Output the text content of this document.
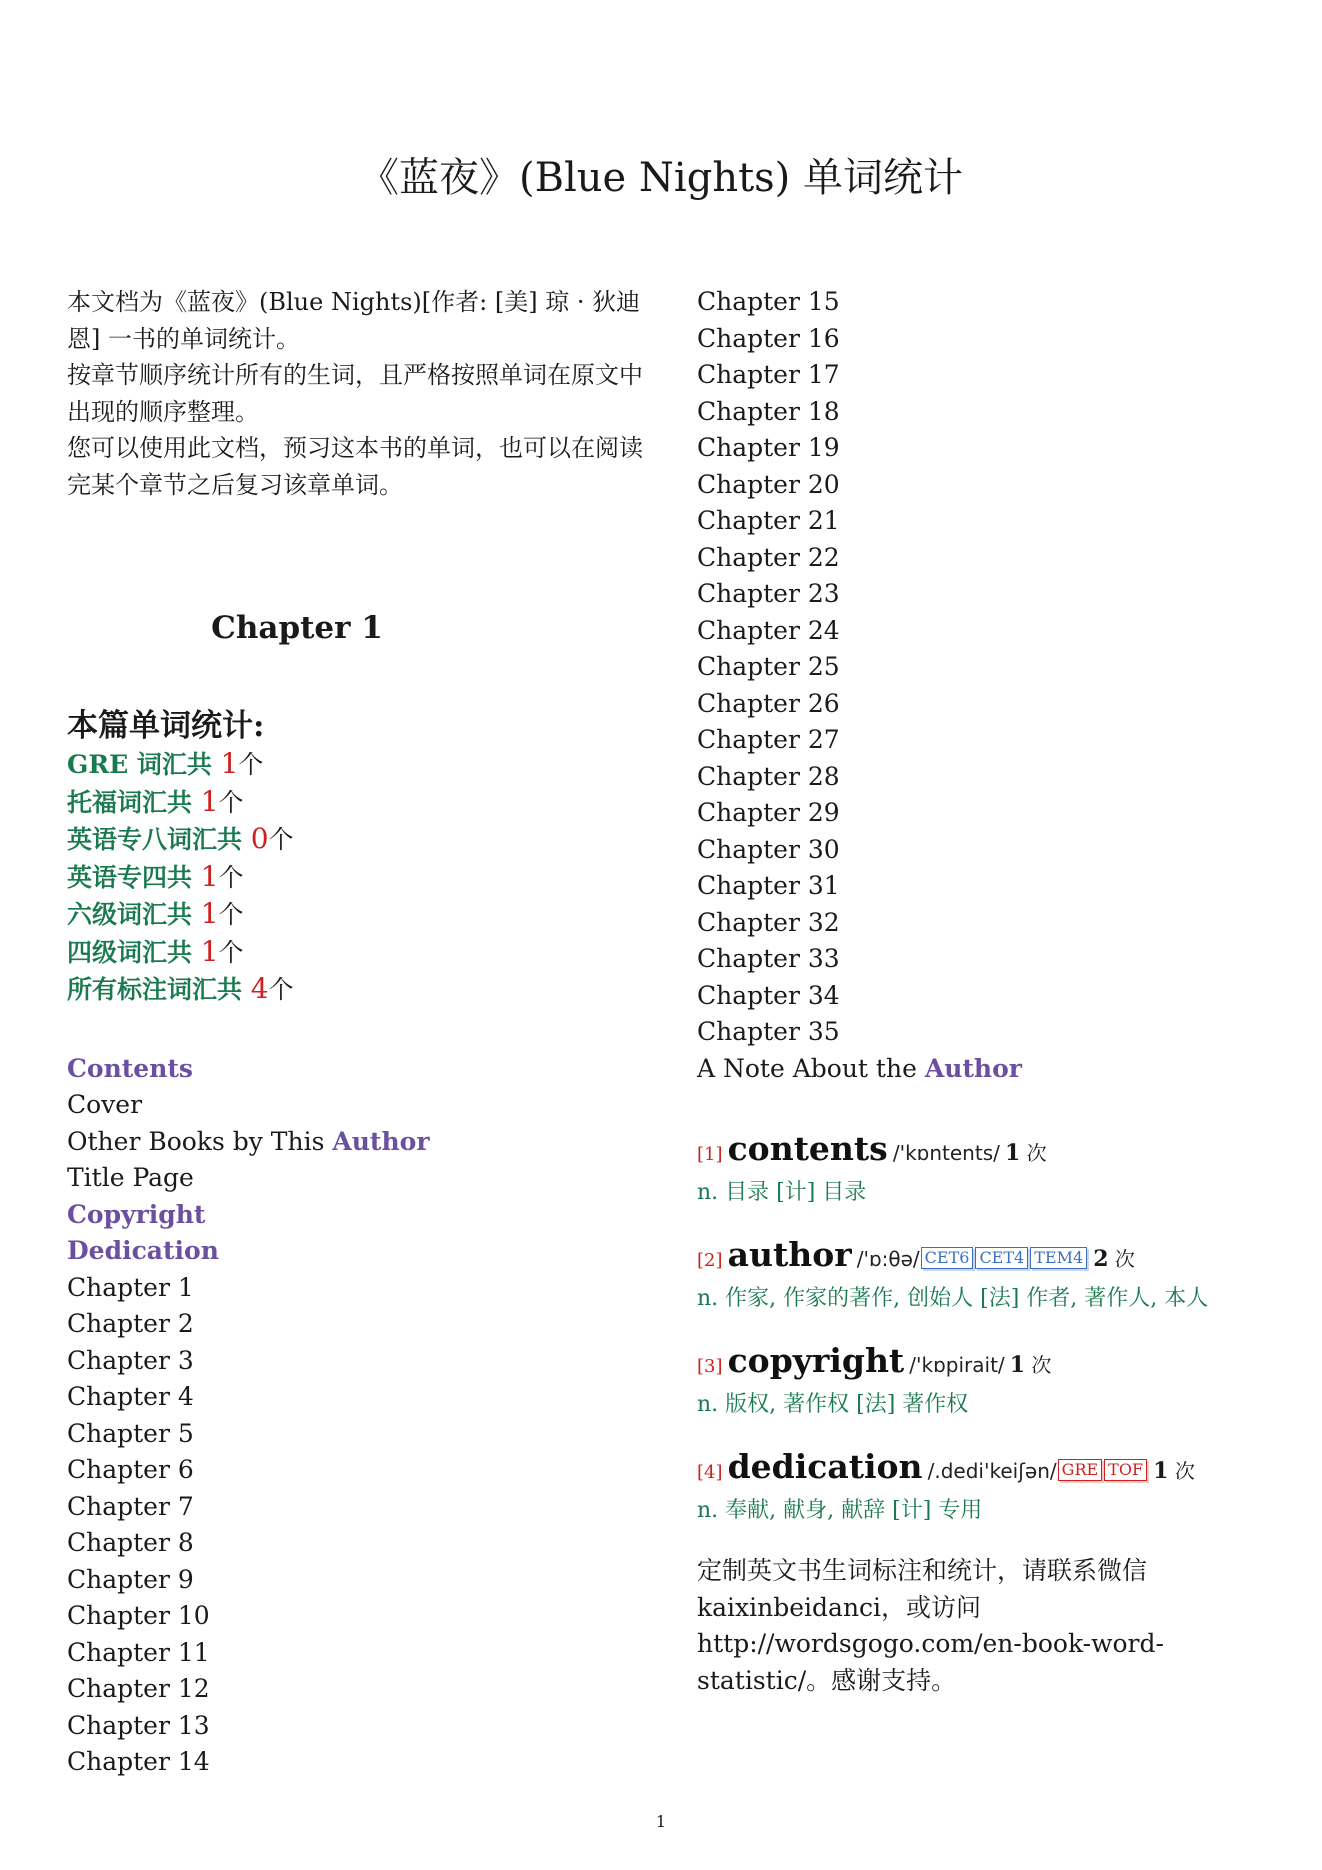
《蓝夜》(Blue Nights) 单词统计

本文档为《蓝夜》(Blue Nights)[作者: [美] 琼 · 狄迪恩] 一书的单词统计。

按章节顺序统计所有的生词，且严格按照单词在原文中出现的顺序整理。

您可以使用此文档，预习这本书的单词，也可以在阅读完某个章节之后复习该章单词。

Chapter 1
本篇单词统计:
GRE 词汇共 1个
托福词汇共 1个
英语专八词汇共 0个
英语专四共 1个
六级词汇共 1个
四级词汇共 1个
所有标注词汇共 4个
Contents
Cover
Other Books by This Author
Title Page
Copyright
Dedication
Chapter 1
Chapter 2
Chapter 3
Chapter 4
Chapter 5
Chapter 6
Chapter 7
Chapter 8
Chapter 9
Chapter 10
Chapter 11
Chapter 12
Chapter 13
Chapter 14
Chapter 15
Chapter 16
Chapter 17
Chapter 18
Chapter 19
Chapter 20
Chapter 21
Chapter 22
Chapter 23
Chapter 24
Chapter 25
Chapter 26
Chapter 27
Chapter 28
Chapter 29
Chapter 30
Chapter 31
Chapter 32
Chapter 33
Chapter 34
Chapter 35
A Note About the Author
[1] contents /'kɒntents/ 1 次
n. 目录 [计] 目录
[2] author /'ɒ:θə/ CET6 CET4 TEM4 2 次
n. 作家, 作家的著作, 创始人 [法] 作者, 著作人, 本人
[3] copyright /'kɒpirait/ 1 次
n. 版权, 著作权 [法] 著作权
[4] dedication /.dedi'keiʃən/ GRE TOF 1 次
n. 奉献, 献身, 献辞 [计] 专用
定制英文书生词标注和统计，请联系微信 kaixinbeidanci，或访问 http://wordsgogo.com/en-book-word-statistic/。感谢支持。
1
